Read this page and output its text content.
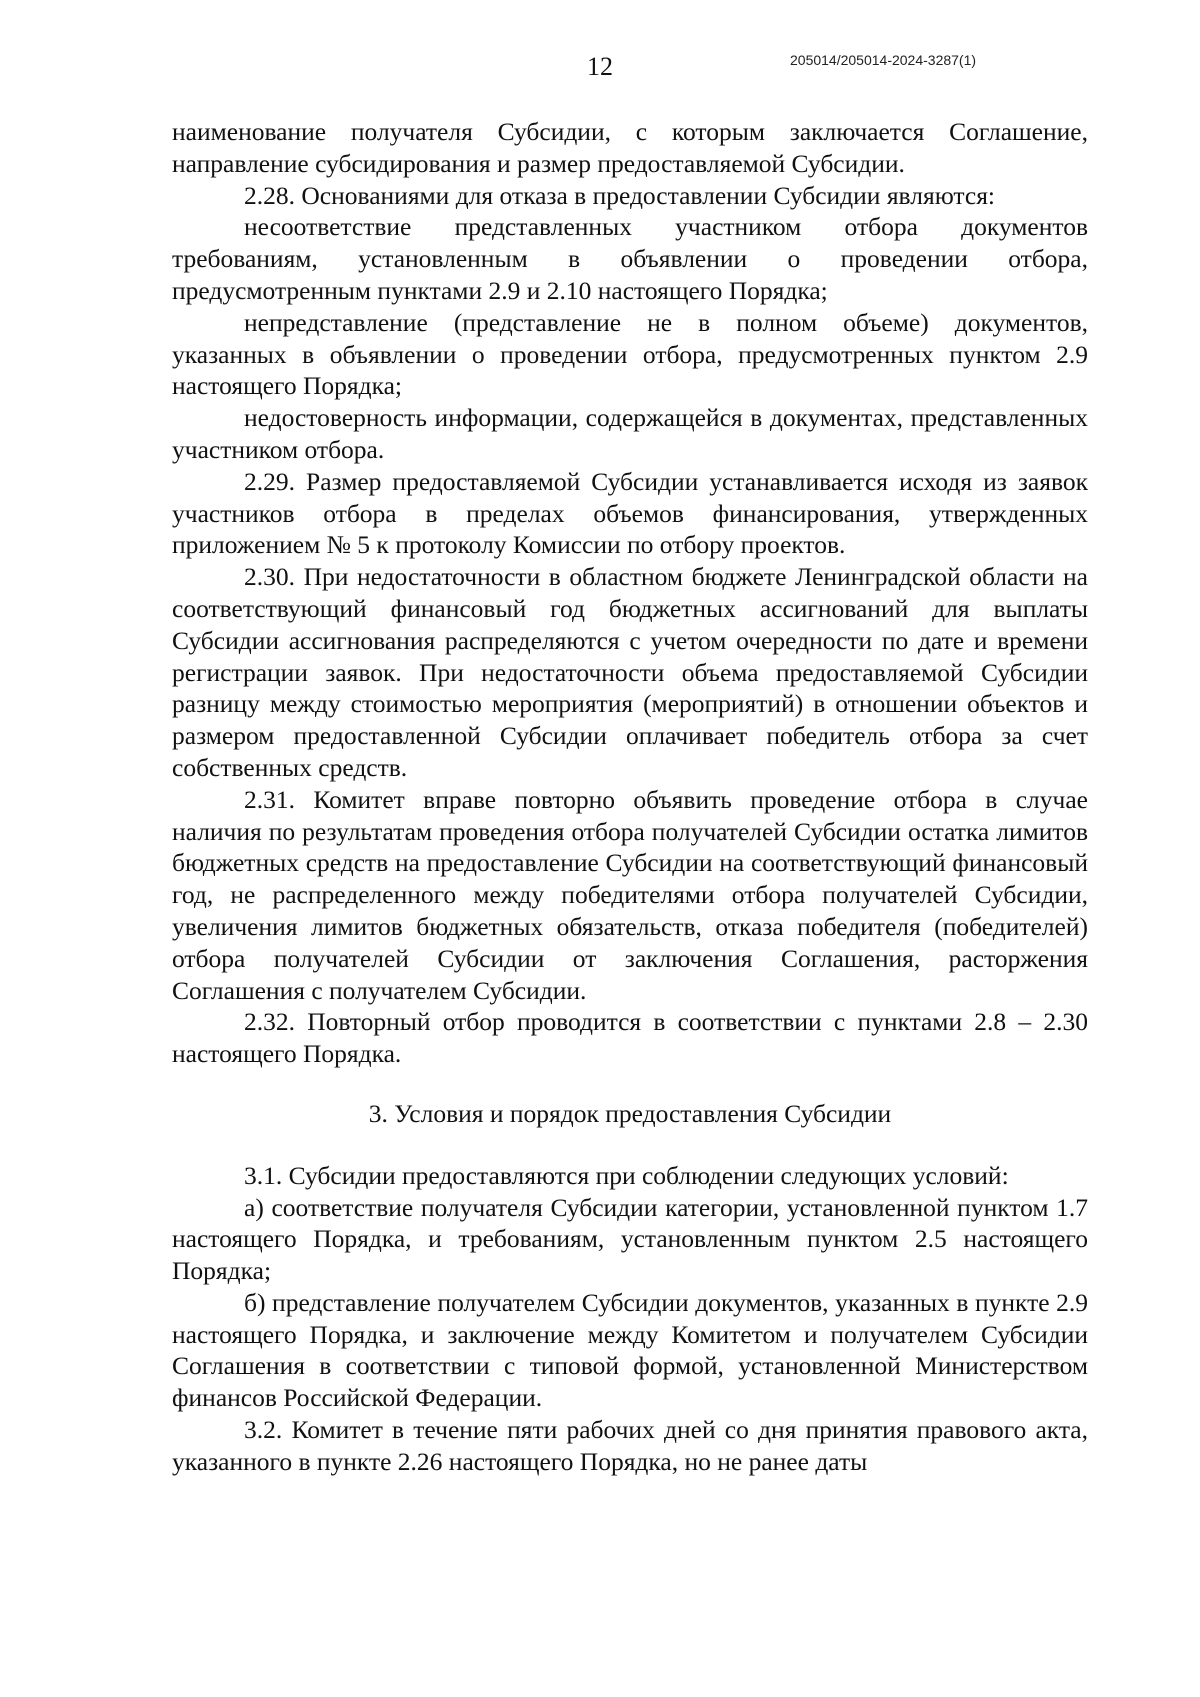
12	205014/205014-2024-3287(1)

наименование получателя Субсидии, с которым заключается Соглашение, направление субсидирования и размер предоставляемой Субсидии.

2.28. Основаниями для отказа в предоставлении Субсидии являются:

несоответствие представленных участником отбора документов требованиям, установленным в объявлении о проведении отбора, предусмотренным пунктами 2.9 и 2.10 настоящего Порядка;

непредставление (представление не в полном объеме) документов, указанных в объявлении о проведении отбора, предусмотренных пунктом 2.9 настоящего Порядка;

недостоверность информации, содержащейся в документах, представленных участником отбора.

2.29. Размер предоставляемой Субсидии устанавливается исходя из заявок участников отбора в пределах объемов финансирования, утвержденных приложением № 5 к протоколу Комиссии по отбору проектов.

2.30. При недостаточности в областном бюджете Ленинградской области на соответствующий финансовый год бюджетных ассигнований для выплаты Субсидии ассигнования распределяются с учетом очередности по дате и времени регистрации заявок. При недостаточности объема предоставляемой Субсидии разницу между стоимостью мероприятия (мероприятий) в отношении объектов и размером предоставленной Субсидии оплачивает победитель отбора за счет собственных средств.

2.31. Комитет вправе повторно объявить проведение отбора в случае наличия по результатам проведения отбора получателей Субсидии остатка лимитов бюджетных средств на предоставление Субсидии на соответствующий финансовый год, не распределенного между победителями отбора получателей Субсидии, увеличения лимитов бюджетных обязательств, отказа победителя (победителей) отбора получателей Субсидии от заключения Соглашения, расторжения Соглашения с получателем Субсидии.

2.32. Повторный отбор проводится в соответствии с пунктами 2.8 – 2.30 настоящего Порядка.

3. Условия и порядок предоставления Субсидии

3.1. Субсидии предоставляются при соблюдении следующих условий:

а) соответствие получателя Субсидии категории, установленной пунктом 1.7 настоящего Порядка, и требованиям, установленным пунктом 2.5 настоящего Порядка;

б) представление получателем Субсидии документов, указанных в пункте 2.9 настоящего Порядка, и заключение между Комитетом и получателем Субсидии Соглашения в соответствии с типовой формой, установленной Министерством финансов Российской Федерации.

3.2. Комитет в течение пяти рабочих дней со дня принятия правового акта, указанного в пункте 2.26 настоящего Порядка, но не ранее даты
